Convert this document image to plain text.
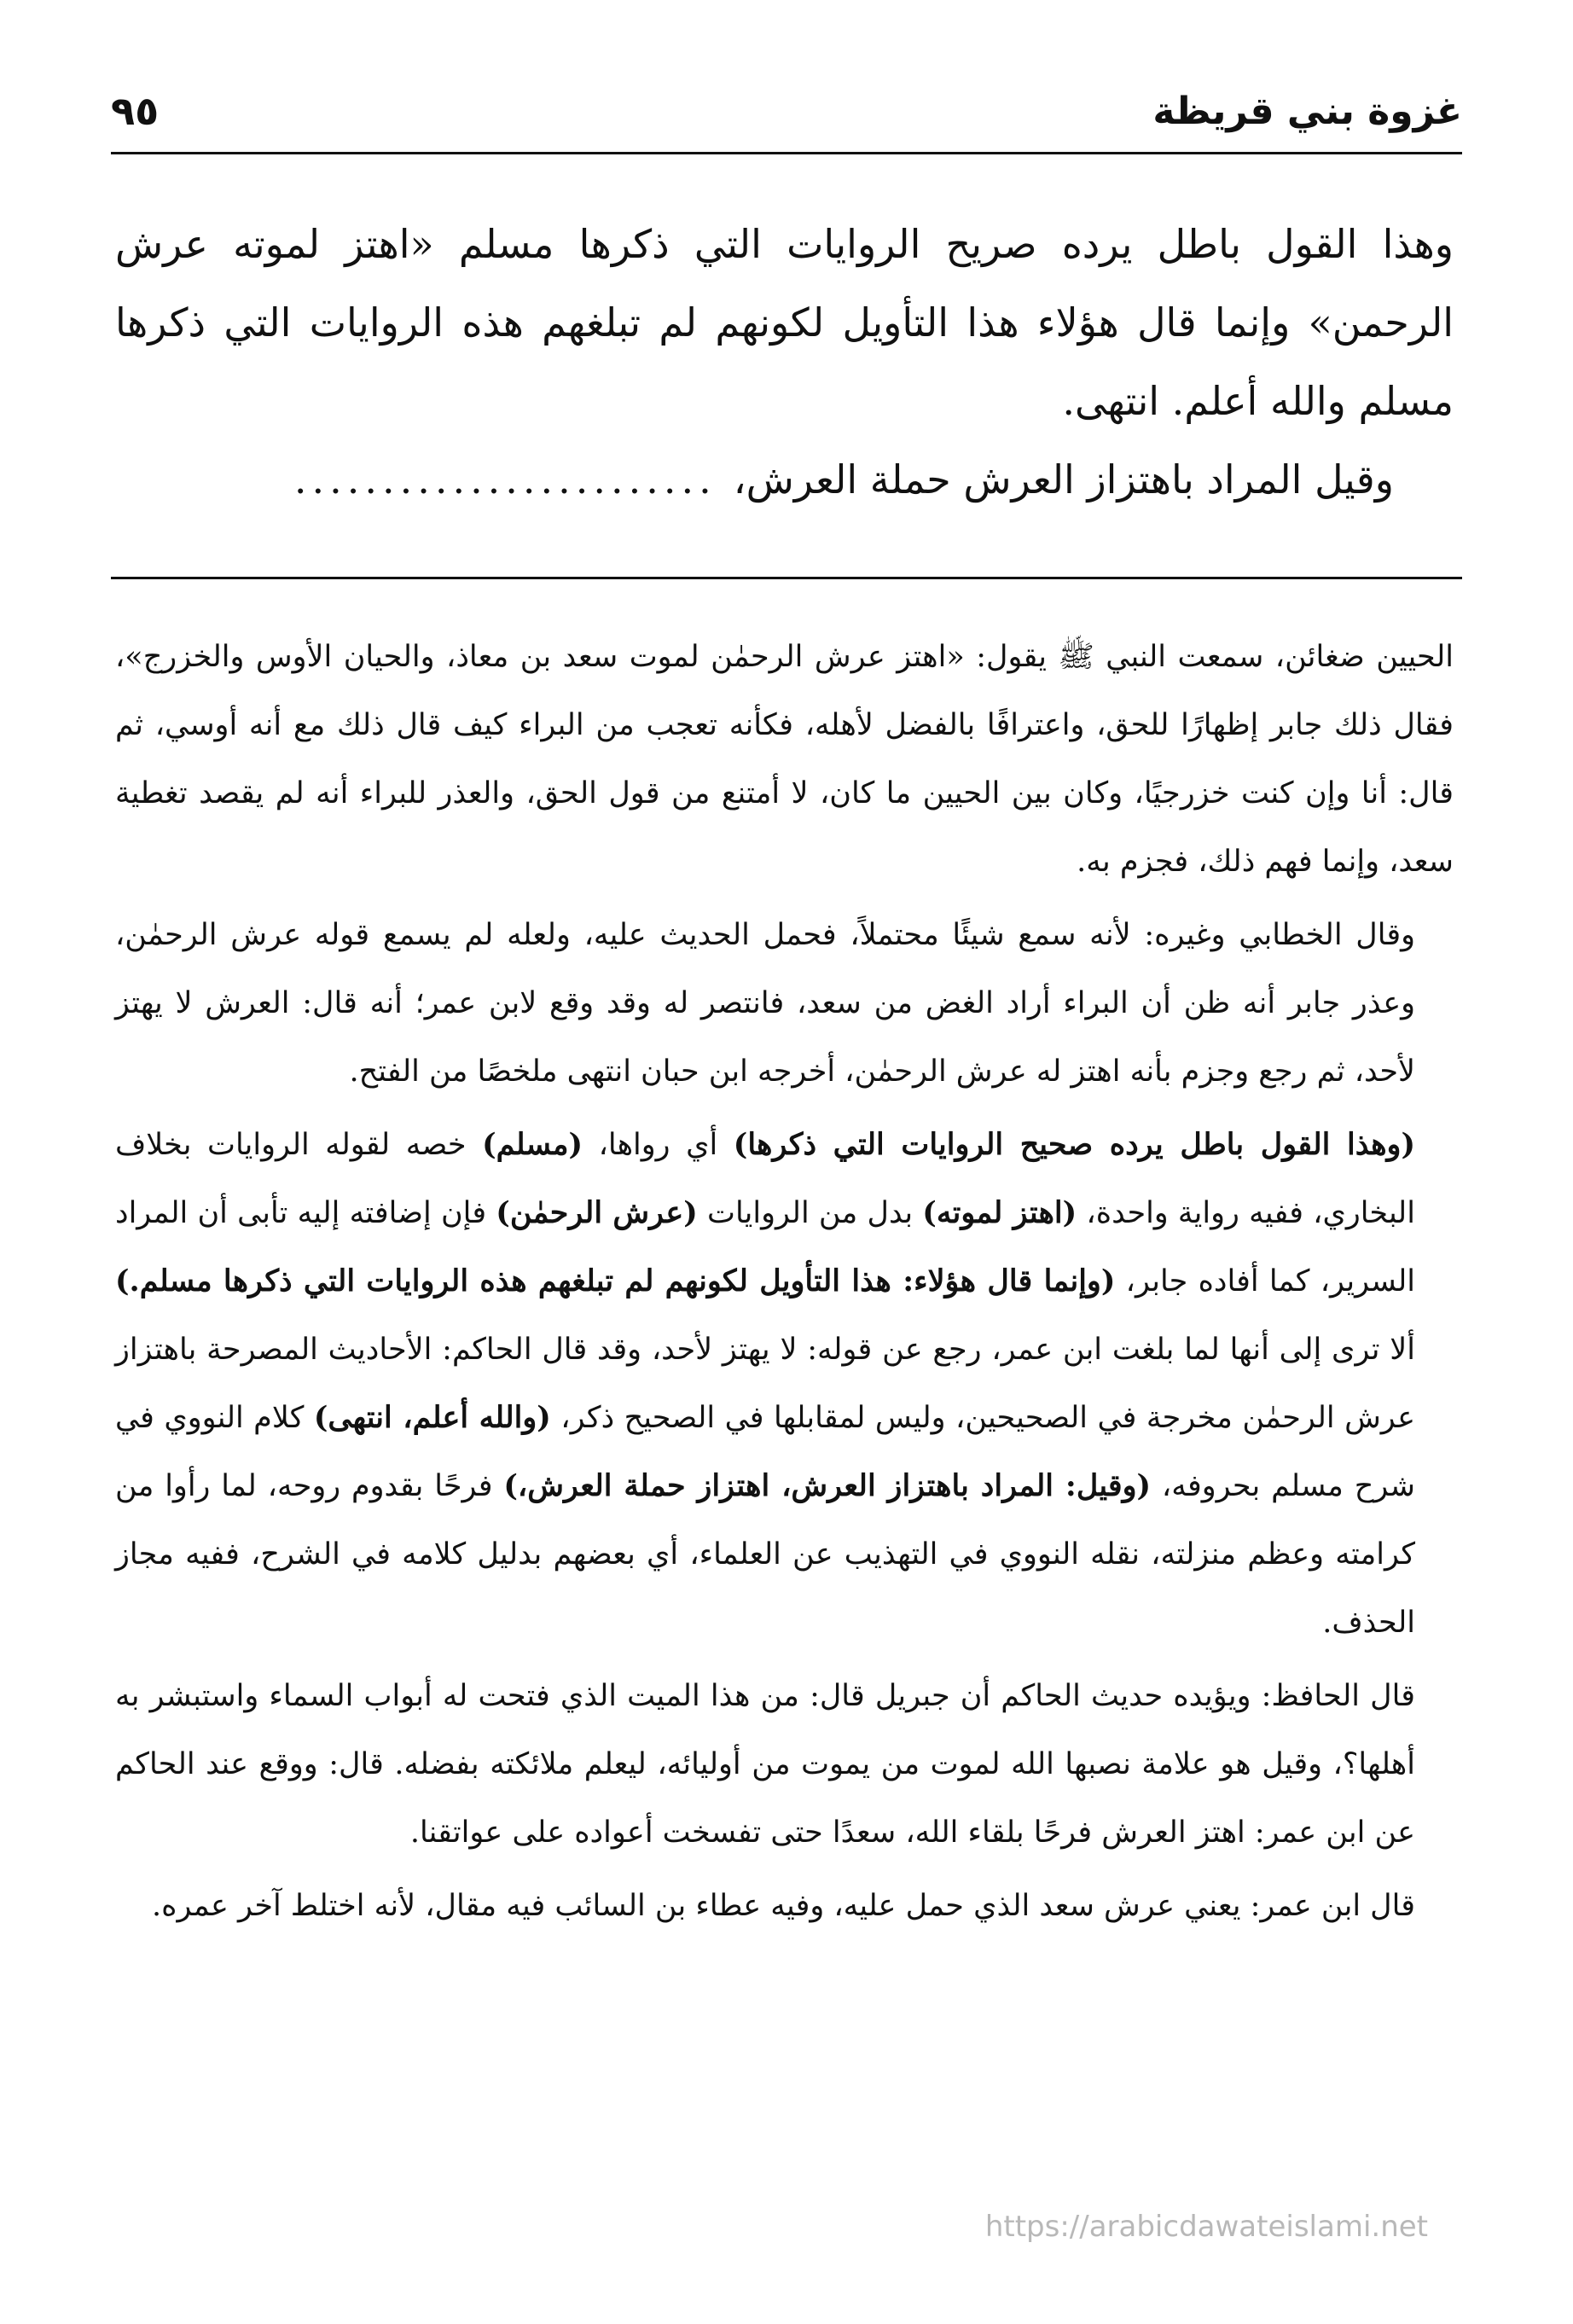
غزوة بني قريظة
٩٥

وهذا القول باطل يرده صريح الروايات التي ذكرها مسلم «اهتز لموته عرش الرحمن» وإنما قال هؤلاء هذا التأويل لكونهم لم تبلغهم هذه الروايات التي ذكرها مسلم والله أعلم. انتهى.

وقيل المراد باهتزاز العرش حملة العرش،........................

الحيين ضغائن، سمعت النبي ﷺ يقول: «اهتز عرش الرحمٰن لموت سعد بن معاذ، والحيان الأوس والخزرج»، فقال ذلك جابر إظهارًا للحق، واعترافًا بالفضل لأهله، فكأنه تعجب من البراء كيف قال ذلك مع أنه أوسي، ثم قال: أنا وإن كنت خزرجيًا، وكان بين الحيين ما كان، لا أمتنع من قول الحق، والعذر للبراء أنه لم يقصد تغطية سعد، وإنما فهم ذلك، فجزم به.

وقال الخطابي وغيره: لأنه سمع شيئًا محتملاً، فحمل الحديث عليه، ولعله لم يسمع قوله عرش الرحمٰن، وعذر جابر أنه ظن أن البراء أراد الغض من سعد، فانتصر له وقد وقع لابن عمر؛ أنه قال: العرش لا يهتز لأحد، ثم رجع وجزم بأنه اهتز له عرش الرحمٰن، أخرجه ابن حبان انتهى ملخصًا من الفتح.

(وهذا القول باطل يرده صحيح الروايات التي ذكرها) أي رواها، (مسلم) خصه لقوله الروايات بخلاف البخاري، ففيه رواية واحدة، (اهتز لموته) بدل من الروايات (عرش الرحمٰن) فإن إضافته إليه تأبى أن المراد السرير، كما أفاده جابر، (وإنما قال هؤلاء: هذا التأويل لكونهم لم تبلغهم هذه الروايات التي ذكرها مسلم.) ألا ترى إلى أنها لما بلغت ابن عمر، رجع عن قوله: لا يهتز لأحد، وقد قال الحاكم: الأحاديث المصرحة باهتزاز عرش الرحمٰن مخرجة في الصحيحين، وليس لمقابلها في الصحيح ذكر، (والله أعلم، انتهى) كلام النووي في شرح مسلم بحروفه، (وقيل: المراد باهتزاز العرش، اهتزاز حملة العرش،) فرحًا بقدوم روحه، لما رأوا من كرامته وعظم منزلته، نقله النووي في التهذيب عن العلماء، أي بعضهم بدليل كلامه في الشرح، ففيه مجاز الحذف.

قال الحافظ: ويؤيده حديث الحاكم أن جبريل قال: من هذا الميت الذي فتحت له أبواب السماء واستبشر به أهلها؟، وقيل هو علامة نصبها الله لموت من يموت من أوليائه، ليعلم ملائكته بفضله. قال: ووقع عند الحاكم عن ابن عمر: اهتز العرش فرحًا بلقاء الله، سعدًا حتى تفسخت أعواده على عواتقنا.

قال ابن عمر: يعني عرش سعد الذي حمل عليه، وفيه عطاء بن السائب فيه مقال، لأنه اختلط آخر عمره.

https://arabicdawateislami.net
